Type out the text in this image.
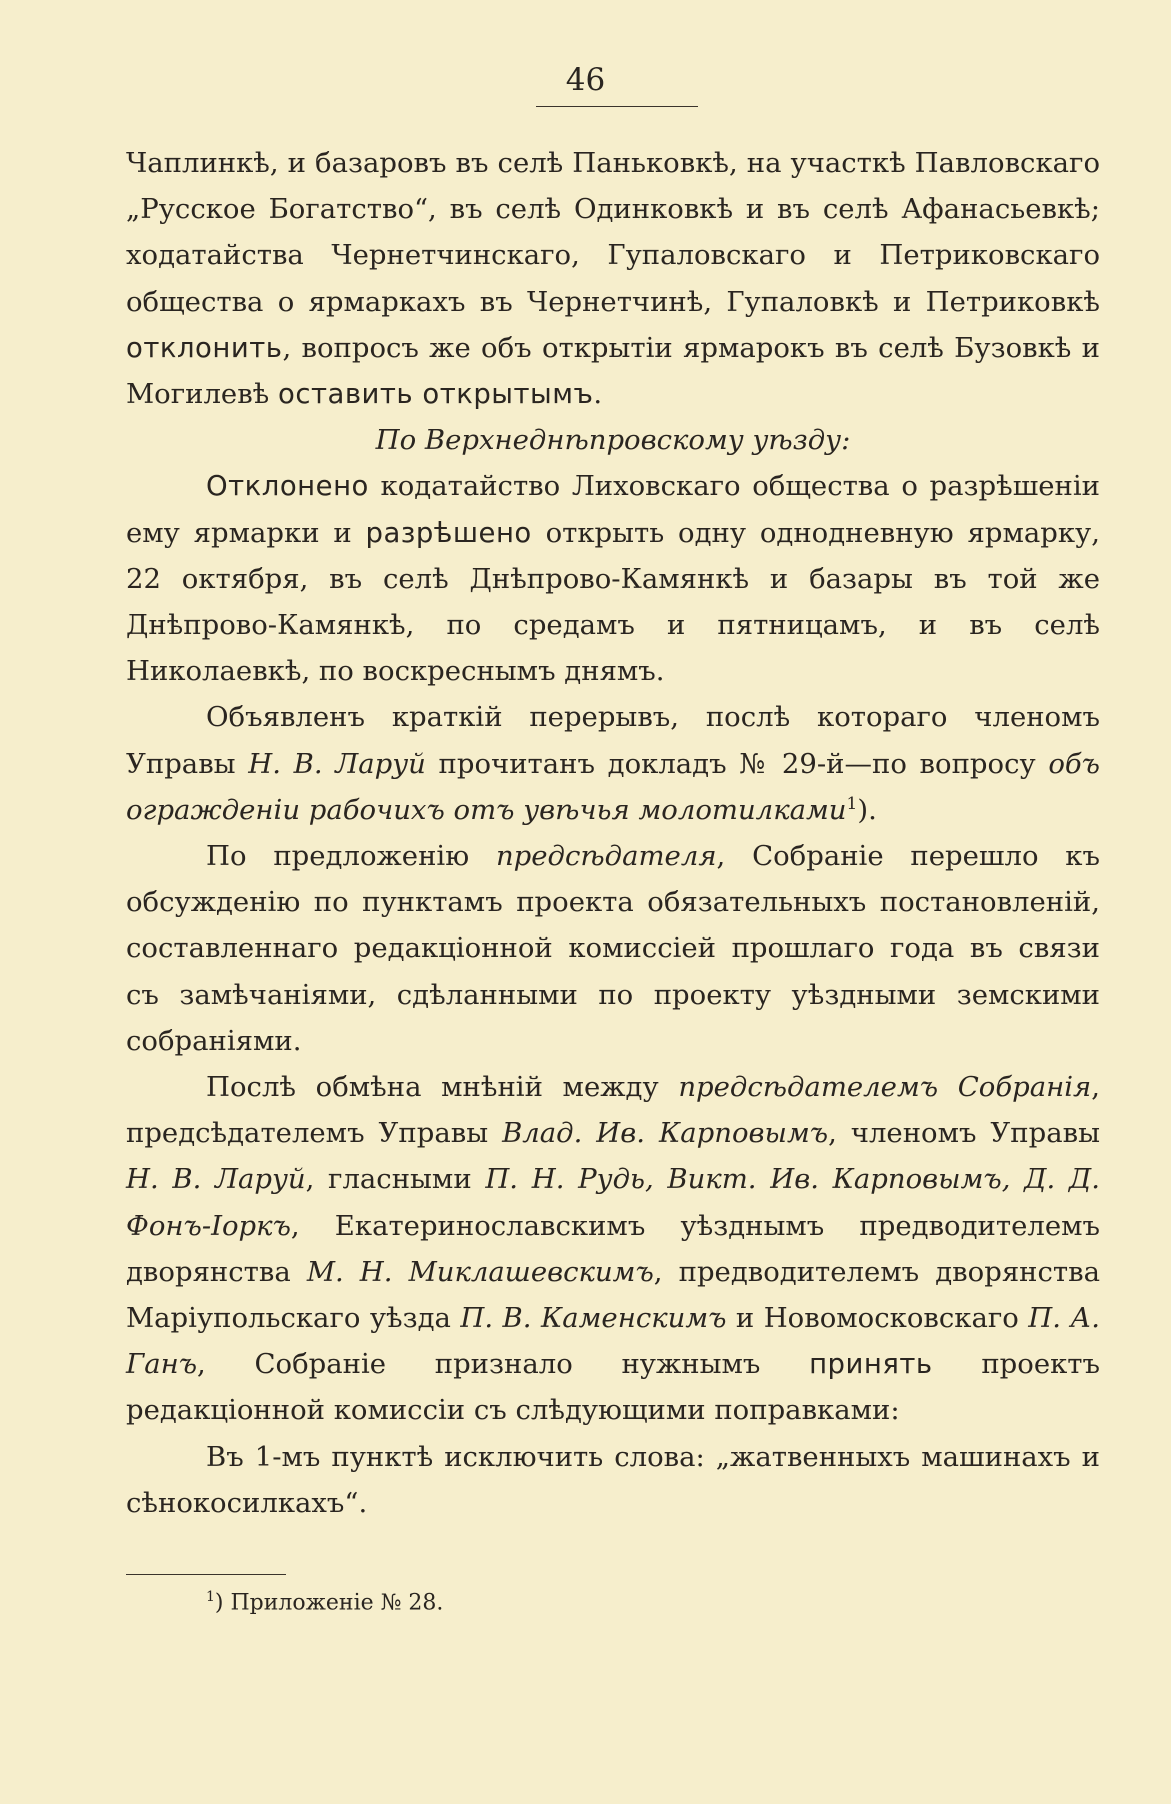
46

Чаплинкѣ, и базаровъ въ селѣ Паньковкѣ, на участкѣ Павловскаго „Русское Богатство“, въ селѣ Одинковкѣ и въ селѣ Афанасьевкѣ; ходатайства Чернетчинскаго, Гупаловскаго и Петриковскаго общества о ярмаркахъ въ Чернетчинѣ, Гупаловкѣ и Петриковкѣ отклонить, вопросъ же объ открытіи ярмарокъ въ селѣ Бузовкѣ и Могилевѣ оставить открытымъ.

По Верхнеднѣпровскому уѣзду:

Отклонено кодатайство Лиховскаго общества о разрѣшеніи ему ярмарки и разрѣшено открыть одну однодневную ярмарку, 22 октября, въ селѣ Днѣпрово-Камянкѣ и базары въ той же Днѣпрово-Камянкѣ, по средамъ и пятницамъ, и въ селѣ Николаевкѣ, по воскреснымъ днямъ.

Объявленъ краткій перерывъ, послѣ котораго членомъ Управы Н. В. Ларуй прочитанъ докладъ № 29-й—по вопросу объ огражденіи рабочихъ отъ увѣчья молотилками$^1$).

По предложенію предсѣдателя, Собраніе перешло къ обсужденію по пунктамъ проекта обязательныхъ постановленій, составленнаго редакціонной комиссіей прошлаго года въ связи съ замѣчаніями, сдѣланными по проекту уѣздными земскими собраніями.

Послѣ обмѣна мнѣній между предсѣдателемъ Собранія, предсѣдателемъ Управы Влад. Ив. Карповымъ, членомъ Управы Н. В. Ларуй, гласными П. Н. Рудь, Викт. Ив. Карповымъ, Д. Д. Фонъ-Іоркъ, Екатеринославскимъ уѣзднымъ предводителемъ дворянства М. Н. Миклашевскимъ, предводителемъ дворянства Маріупольскаго уѣзда П. В. Каменскимъ и Новомосковскаго П. А. Ганъ, Собраніе признало нужнымъ принять проектъ редакціонной комиссіи съ слѣдующими поправками:

Въ 1-мъ пунктѣ исключить слова: „жатвенныхъ машинахъ и сѣнокосилкахъ“.

$^1$) Приложеніе № 28.
